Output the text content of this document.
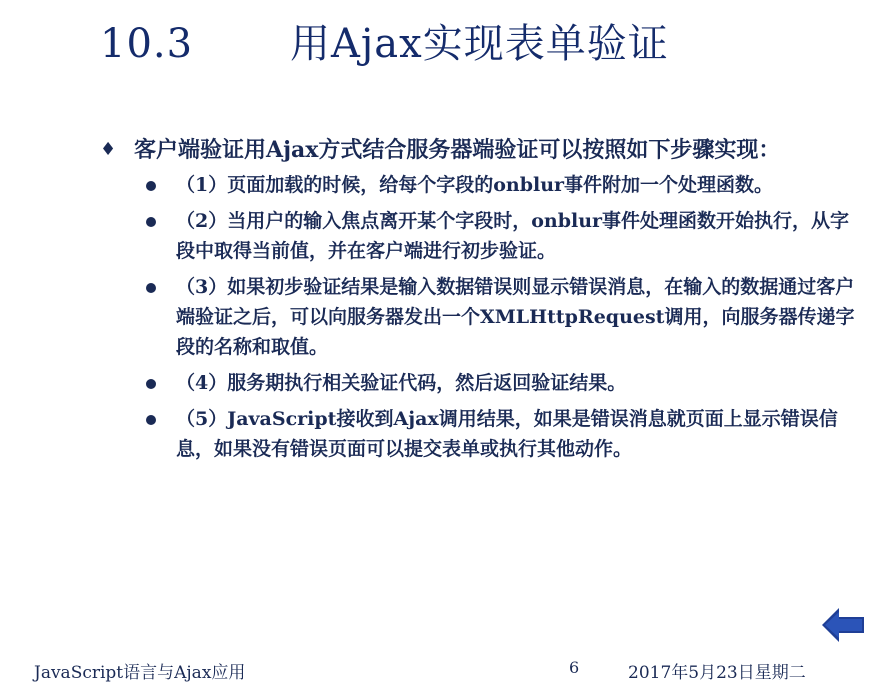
10.3 用Ajax实现表单验证
♦ 客户端验证用Ajax方式结合服务器端验证可以按照如下步骤实现：
（1）页面加载的时候，给每个字段的onblur事件附加一个处理函数。
（2）当用户的输入焦点离开某个字段时，onblur事件处理函数开始执行，从字段中取得当前值，并在客户端进行初步验证。
（3）如果初步验证结果是输入数据错误则显示错误消息，在输入的数据通过客户端验证之后，可以向服务器发出一个XMLHttpRequest调用，向服务器传递字段的名称和取值。
（4）服务期执行相关验证代码，然后返回验证结果。
（5）JavaScript接收到Ajax调用结果，如果是错误消息就页面上显示错误信息，如果没有错误页面可以提交表单或执行其他动作。
JavaScript语言与Ajax应用	6	2017年5月23日星期二
